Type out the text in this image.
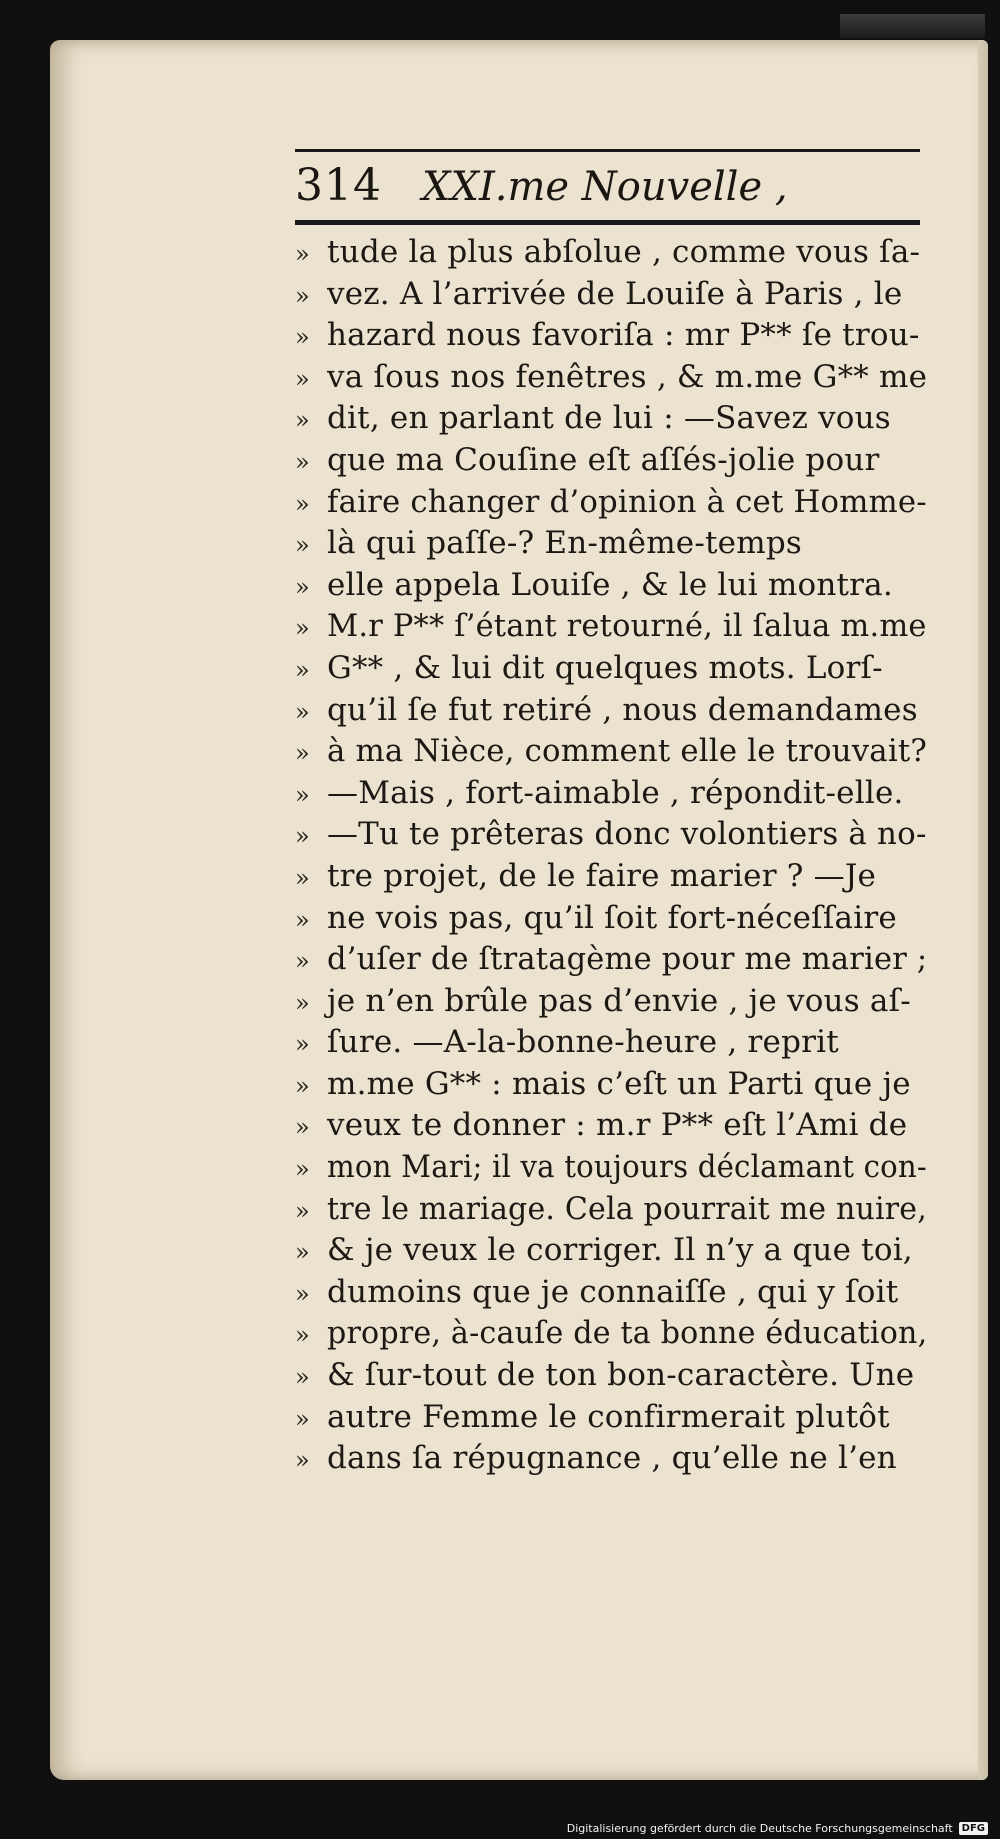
314 XXI.me Nouvelle ,
» tude la plus abſolue , comme vous ſa-
» vez. A l’arrivée de Louiſe à Paris , le
» hazard nous favoriſa : mr P** ſe trou-
» va ſous nos fenêtres , & m.me G** me
» dit, en parlant de lui : —Savez vous
» que ma Couſine eſt aſſés-jolie pour
» faire changer d’opinion à cet Homme-
» là qui paſſe-? En-même-temps
» elle appela Louiſe , & le lui montra.
» M.r P** ſ’étant retourné, il ſalua m.me
» G** , & lui dit quelques mots. Lorſ-
» qu’il ſe fut retiré , nous demandames
» à ma Nièce, comment elle le trouvait?
» —Mais , fort-aimable , répondit-elle.
» —Tu te prêteras donc volontiers à no-
» tre projet, de le faire marier ? —Je
» ne vois pas, qu’il ſoit fort-néceſſaire
» d’uſer de ſtratagème pour me marier ;
» je n’en brûle pas d’envie , je vous aſ-
» ſure. —A-la-bonne-heure , reprit
» m.me G** : mais c’eſt un Parti que je
» veux te donner : m.r P** eſt l’Ami de
» mon Mari; il va toujours déclamant con-
» tre le mariage. Cela pourrait me nuire,
» & je veux le corriger. Il n’y a que toi,
» dumoins que je connaiſſe , qui y ſoit
» propre, à-cauſe de ta bonne éducation,
» & ſur-tout de ton bon-caractère. Une
» autre Femme le confirmerait plutôt
» dans ſa répugnance , qu’elle ne l’en
Digitalisierung gefördert durch die Deutsche Forschungsgemeinschaft DFG
